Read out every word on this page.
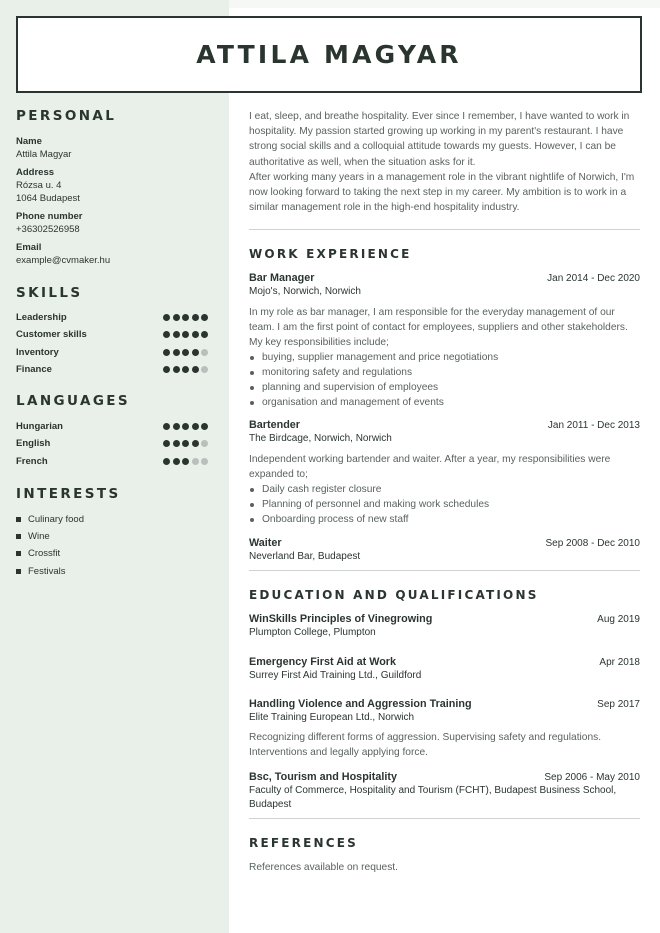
ATTILA MAGYAR
PERSONAL
Name
Attila Magyar
Address
Rózsa u. 4
1064 Budapest
Phone number
+36302526958
Email
example@cvmaker.hu
SKILLS
Leadership
Customer skills
Inventory
Finance
LANGUAGES
Hungarian
English
French
INTERESTS
Culinary food
Wine
Crossfit
Festivals
I eat, sleep, and breathe hospitality. Ever since I remember, I have wanted to work in hospitality. My passion started growing up working in my parent's restaurant. I have strong social skills and a colloquial attitude towards my guests. However, I can be authoritative as well, when the situation asks for it.
After working many years in a management role in the vibrant nightlife of Norwich, I'm now looking forward to taking the next step in my career. My ambition is to work in a similar management role in the high-end hospitality industry.
WORK EXPERIENCE
Bar Manager	Jan 2014 - Dec 2020
Mojo's, Norwich, Norwich
In my role as bar manager, I am responsible for the everyday management of our team. I am the first point of contact for employees, suppliers and other stakeholders. My key responsibilities include;
buying, supplier management and price negotiations
monitoring safety and regulations
planning and supervision of employees
organisation and management of events
Bartender	Jan 2011 - Dec 2013
The Birdcage, Norwich, Norwich
Independent working bartender and waiter. After a year, my responsibilities were expanded to;
Daily cash register closure
Planning of personnel and making work schedules
Onboarding process of new staff
Waiter	Sep 2008 - Dec 2010
Neverland Bar, Budapest
EDUCATION AND QUALIFICATIONS
WinSkills Principles of Vinegrowing	Aug 2019
Plumpton College, Plumpton
Emergency First Aid at Work	Apr 2018
Surrey First Aid Training Ltd., Guildford
Handling Violence and Aggression Training	Sep 2017
Elite Training European Ltd., Norwich
Recognizing different forms of aggression. Supervising safety and regulations. Interventions and legally applying force.
Bsc, Tourism and Hospitality	Sep 2006 - May 2010
Faculty of Commerce, Hospitality and Tourism (FCHT), Budapest Business School, Budapest
REFERENCES
References available on request.
